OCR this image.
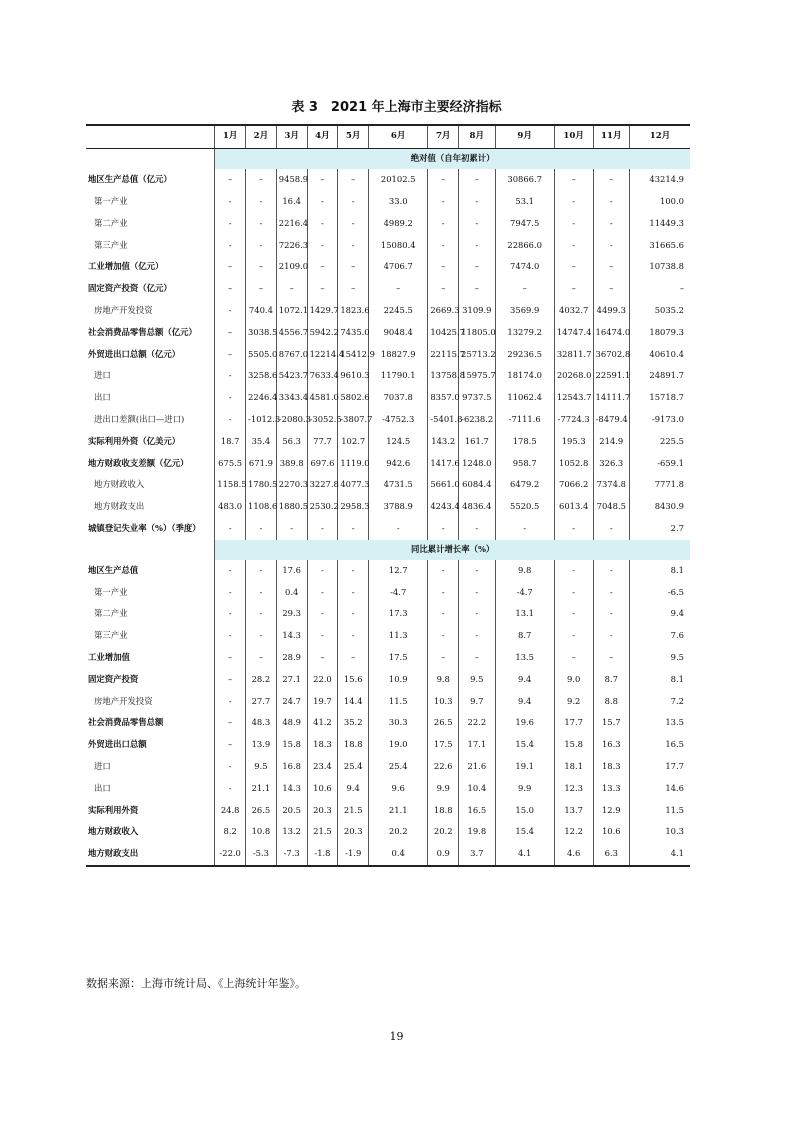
表 3　2021 年上海市主要经济指标
	1月	2月	3月	4月	5月	6月	7月	8月	9月	10月	11月	12月
	绝对值（自年初累计）											
地区生产总值（亿元）	–	–	9458.9	–	–	20102.5	–	–	30866.7	–	–	43214.9
第一产业	-	-	16.4	-	-	33.0	-	-	53.1	-	-	100.0
第二产业	-	-	2216.4	-	-	4989.2	-	-	7947.5	-	-	11449.3
第三产业	-	-	7226.3	-	-	15080.4	-	-	22866.0	-	-	31665.6
工业增加值（亿元）	–	–	2109.0	–	–	4706.7	–	–	7474.0	–	–	10738.8
固定资产投资（亿元）	–	–	–	–	–	–	–	–	–	–	–	–
房地产开发投资	-	740.4	1072.1	1429.7	1823.6	2245.5	2669.3	3109.9	3569.9	4032.7	4499.3	5035.2
社会消费品零售总额（亿元）	–	3038.5	4556.7	5942.2	7435.0	9048.4	10425.7	11805.0	13279.2	14747.4	16474.0	18079.3
外贸进出口总额（亿元）	–	5505.0	8767.0	12214.4	15412.9	18827.9	22115.7	25713.2	29236.5	32811.7	36702.8	40610.4
进口	-	3258.6	5423.7	7633.4	9610.3	11790.1	13758.8	15975.7	18174.0	20268.0	22591.1	24891.7
出口	-	2246.4	3343.4	4581.0	5802.6	7037.8	8357.0	9737.5	11062.4	12543.7	14111.7	15718.7
进出口差额(出口—进口)	-	-1012.3	-2080.3	-3052.5	-3807.7	-4752.3	-5401.8	-6238.2	-7111.6	-7724.3	-8479.4	-9173.0
实际利用外资（亿美元）	18.7	35.4	56.3	77.7	102.7	124.5	143.2	161.7	178.5	195.3	214.9	225.5
地方财政收支差额（亿元）	675.5	671.9	389.8	697.6	1119.0	942.6	1417.6	1248.0	958.7	1052.8	326.3	-659.1
地方财政收入	1158.5	1780.5	2270.3	3227.8	4077.3	4731.5	5661.0	6084.4	6479.2	7066.2	7374.8	7771.8
地方财政支出	483.0	1108.6	1880.5	2530.2	2958.3	3788.9	4243.4	4836.4	5520.5	6013.4	7048.5	8430.9
城镇登记失业率（%）（季度）	-	-	-	-	-	-	-	-	-	-	-	2.7
	同比累计增长率（%）											
地区生产总值	-	-	17.6	-	-	12.7	-	-	9.8	-	-	8.1
第一产业	-	-	0.4	-	-	-4.7	-	-	-4.7	-	-	-6.5
第二产业	-	-	29.3	-	-	17.3	-	-	13.1	-	-	9.4
第三产业	-	-	14.3	-	-	11.3	-	-	8.7	-	-	7.6
工业增加值	–	–	28.9	–	–	17.5	–	–	13.5	–	–	9.5
固定资产投资	–	28.2	27.1	22.0	15.6	10.9	9.8	9.5	9.4	9.0	8.7	8.1
房地产开发投资	-	27.7	24.7	19.7	14.4	11.5	10.3	9.7	9.4	9.2	8.8	7.2
社会消费品零售总额	–	48.3	48.9	41.2	35.2	30.3	26.5	22.2	19.6	17.7	15.7	13.5
外贸进出口总额	–	13.9	15.8	18.3	18.8	19.0	17.5	17.1	15.4	15.8	16.3	16.5
进口	-	9.5	16.8	23.4	25.4	25.4	22.6	21.6	19.1	18.1	18.3	17.7
出口	-	21.1	14.3	10.6	9.4	9.6	9.9	10.4	9.9	12.3	13.3	14.6
实际利用外资	24.8	26.5	20.5	20.3	21.5	21.1	18.8	16.5	15.0	13.7	12.9	11.5
地方财政收入	8.2	10.8	13.2	21.5	20.3	20.2	20.2	19.8	15.4	12.2	10.6	10.3
地方财政支出	-22.0	-5.3	-7.3	-1.8	-1.9	0.4	0.9	3.7	4.1	4.6	6.3	4.1
数据来源：上海市统计局、《上海统计年鉴》。
19
